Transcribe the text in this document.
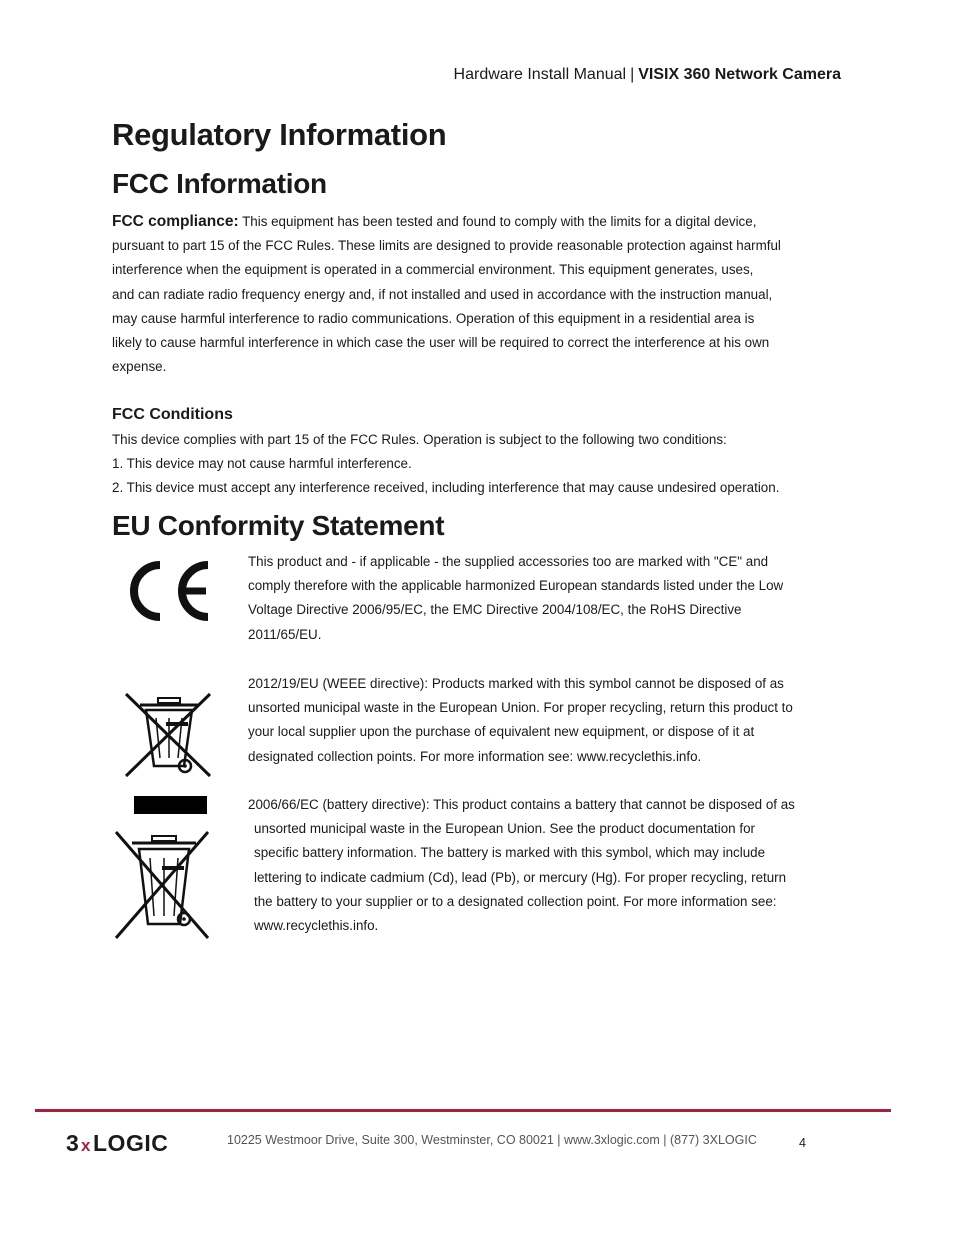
Hardware Install Manual | VISIX 360 Network Camera
Regulatory Information
FCC Information

FCC compliance: This equipment has been tested and found to comply with the limits for a digital device,
pursuant to part 15 of the FCC Rules. These limits are designed to provide reasonable protection against harmful
interference when the equipment is operated in a commercial environment. This equipment generates, uses,
and can radiate radio frequency energy and, if not installed and used in accordance with the instruction manual,
may cause harmful interference to radio communications. Operation of this equipment in a residential area is
likely to cause harmful interference in which case the user will be required to correct the interference at his own
expense.

FCC Conditions

This device complies with part 15 of the FCC Rules. Operation is subject to the following two conditions:
1. This device may not cause harmful interference.
2. This device must accept any interference received, including interference that may cause undesired operation.

EU Conformity Statement

This product and - if applicable - the supplied accessories too are marked with "CE" and
comply therefore with the applicable harmonized European standards listed under the Low
Voltage Directive 2006/95/EC, the EMC Directive 2004/108/EC, the RoHS Directive
2011/65/EU.

2012/19/EU (WEEE directive): Products marked with this symbol cannot be disposed of as
unsorted municipal waste in the European Union. For proper recycling, return this product to
your local supplier upon the purchase of equivalent new equipment, or dispose of it at
designated collection points. For more information see: www.recyclethis.info.

2006/66/EC (battery directive): This product contains a battery that cannot be disposed of as
unsorted municipal waste in the European Union. See the product documentation for
specific battery information. The battery is marked with this symbol, which may include
lettering to indicate cadmium (Cd), lead (Pb), or mercury (Hg). For proper recycling, return
the battery to your supplier or to a designated collection point. For more information see:
www.recyclethis.info.

3 x LOGIC	10225 Westmoor Drive, Suite 300, Westminster, CO 80021 | www.3xlogic.com | (877) 3XLOGIC	4
